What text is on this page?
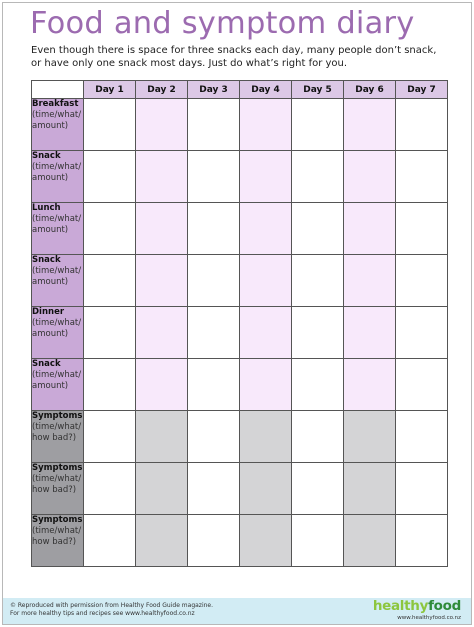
Food and symptom diary
Even though there is space for three snacks each day, many people don’t snack,
or have only one snack most days. Just do what’s right for you.
	Day 1	Day 2	Day 3	Day 4	Day 5	Day 6	Day 7

Breakfast
(time/what/
amount)							

Snack
(time/what/
amount)							

Lunch
(time/what/
amount)							

Snack
(time/what/
amount)							

Dinner
(time/what/
amount)							

Snack
(time/what/
amount)							

Symptoms
(time/what/
how bad?)							

Symptoms
(time/what/
how bad?)							

Symptoms
(time/what/
how bad?)							

© Reproduced with permission from Healthy Food Guide magazine.
For more healthy tips and recipes see www.healthyfood.co.nz	healthyfood
www.healthyfood.co.nz
